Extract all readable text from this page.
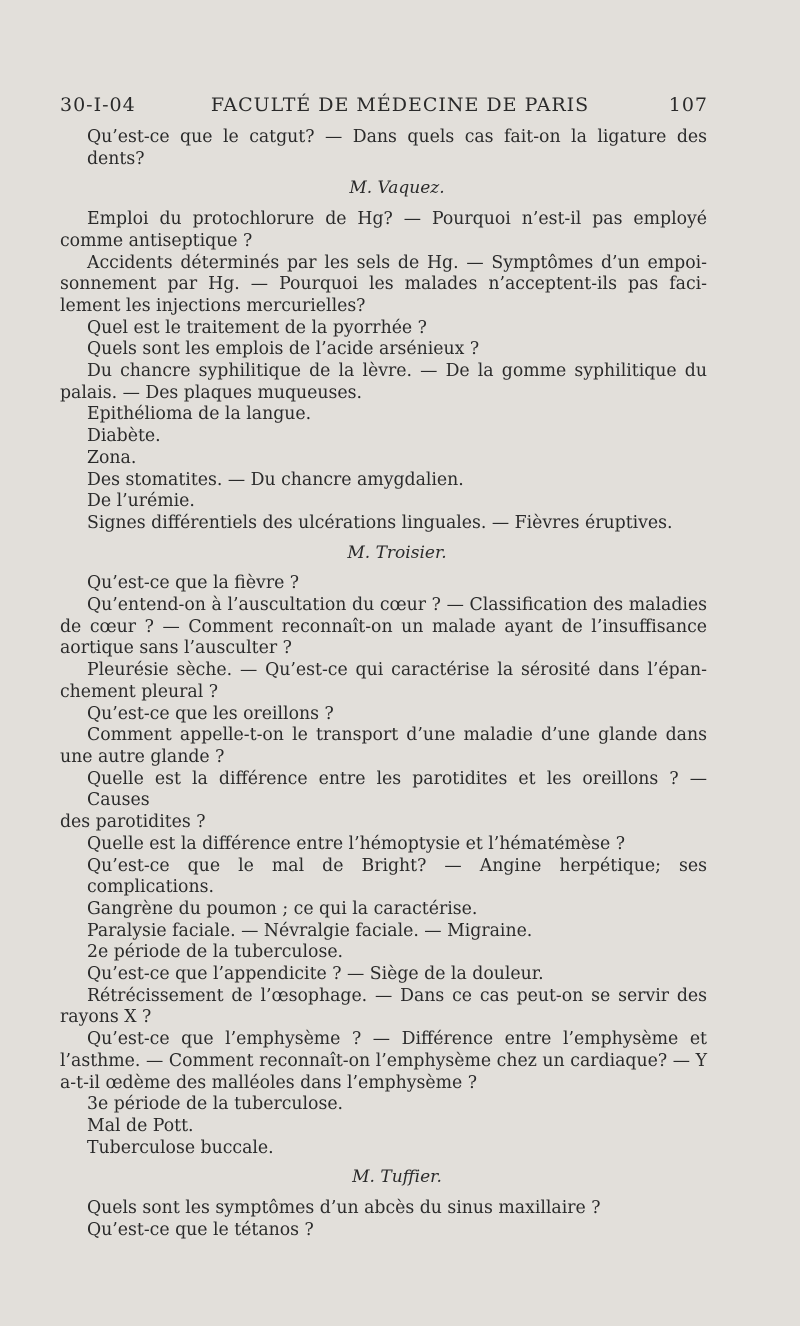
30-I-04	FACULTÉ DE MÉDECINE DE PARIS	107
Qu’est-ce que le catgut? — Dans quels cas fait-on la ligature des dents?
M. Vaquez.
Emploi du protochlorure de Hg? — Pourquoi n’est-il pas employé
comme antiseptique ?
Accidents déterminés par les sels de Hg. — Symptômes d’un empoi-
sonnement par Hg. — Pourquoi les malades n’acceptent-ils pas faci-lement les injections mercurielles?
Quel est le traitement de la pyorrhée ?
Quels sont les emplois de l’acide arsénieux ?
Du chancre syphilitique de la lèvre. — De la gomme syphilitique du
palais. — Des plaques muqueuses.
Epithélioma de la langue.
Diabète.
Zona.
Des stomatites. — Du chancre amygdalien.
De l’urémie.
Signes différentiels des ulcérations linguales. — Fièvres éruptives.
M. Troisier.
Qu’est-ce que la fièvre ?
Qu’entend-on à l’auscultation du cœur ? — Classification des maladies
de cœur ? — Comment reconnaît-on un malade ayant de l’insuffisance aortique sans l’ausculter ?
Pleurésie sèche. — Qu’est-ce qui caractérise la sérosité dans l’épan-
chement pleural ?
Qu’est-ce que les oreillons ?
Comment appelle-t-on le transport d’une maladie d’une glande dans
une autre glande ?
Quelle est la différence entre les parotidites et les oreillons ? — Causes
des parotidites ?
Quelle est la différence entre l’hémoptysie et l’hématémèse ?
Qu’est-ce que le mal de Bright? — Angine herpétique; ses complications.
Gangrène du poumon ; ce qui la caractérise.
Paralysie faciale. — Névralgie faciale. — Migraine.
2e période de la tuberculose.
Qu’est-ce que l’appendicite ? — Siège de la douleur.
Rétrécissement de l’œsophage. — Dans ce cas peut-on se servir des
rayons X ?
Qu’est-ce que l’emphysème ? — Différence entre l’emphysème et
l’asthme. — Comment reconnaît-on l’emphysème chez un cardiaque? — Y a-t-il œdème des malléoles dans l’emphysème ?
3e période de la tuberculose.
Mal de Pott.
Tuberculose buccale.
M. Tuffier.
Quels sont les symptômes d’un abcès du sinus maxillaire ?
Qu’est-ce que le tétanos ?
